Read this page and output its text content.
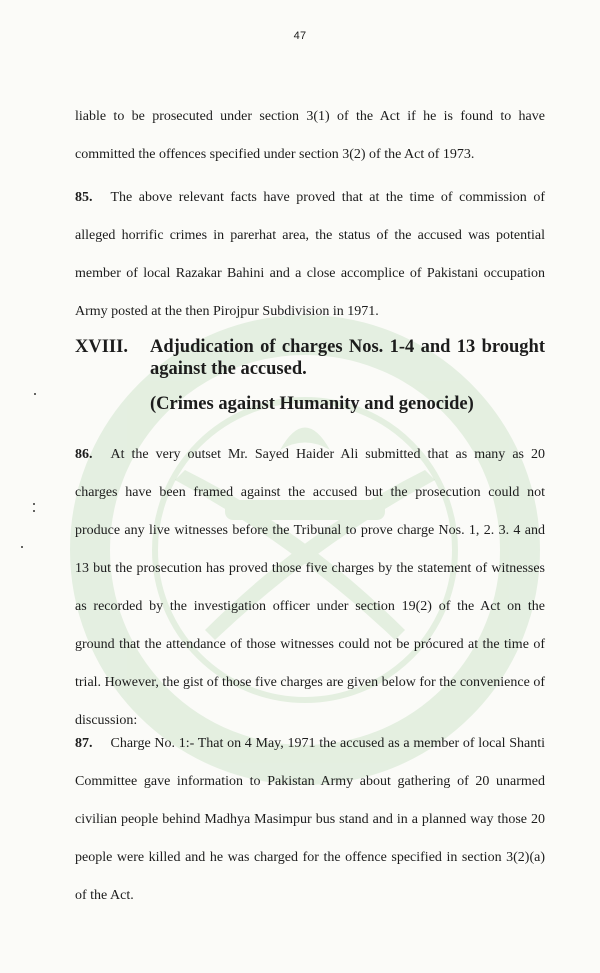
47
liable to be prosecuted under section 3(1) of the Act if he is found to have committed the offences specified under section 3(2) of the Act of 1973.
85. The above relevant facts have proved that at the time of commission of alleged horrific crimes in parerhat area, the status of the accused was potential member of local Razakar Bahini and a close accomplice of Pakistani occupation Army posted at the then Pirojpur Subdivision in 1971.
XVIII. Adjudication of charges Nos. 1-4 and 13 brought against the accused.
(Crimes against Humanity and genocide)
86. At the very outset Mr. Sayed Haider Ali submitted that as many as 20 charges have been framed against the accused but the prosecution could not produce any live witnesses before the Tribunal to prove charge Nos. 1, 2. 3. 4 and 13 but the prosecution has proved those five charges by the statement of witnesses as recorded by the investigation officer under section 19(2) of the Act on the ground that the attendance of those witnesses could not be prócured at the time of trial. However, the gist of those five charges are given below for the convenience of discussion:
87. Charge No. 1:- That on 4 May, 1971 the accused as a member of local Shanti Committee gave information to Pakistan Army about gathering of 20 unarmed civilian people behind Madhya Masimpur bus stand and in a planned way those 20 people were killed and he was charged for the offence specified in section 3(2)(a) of the Act.
